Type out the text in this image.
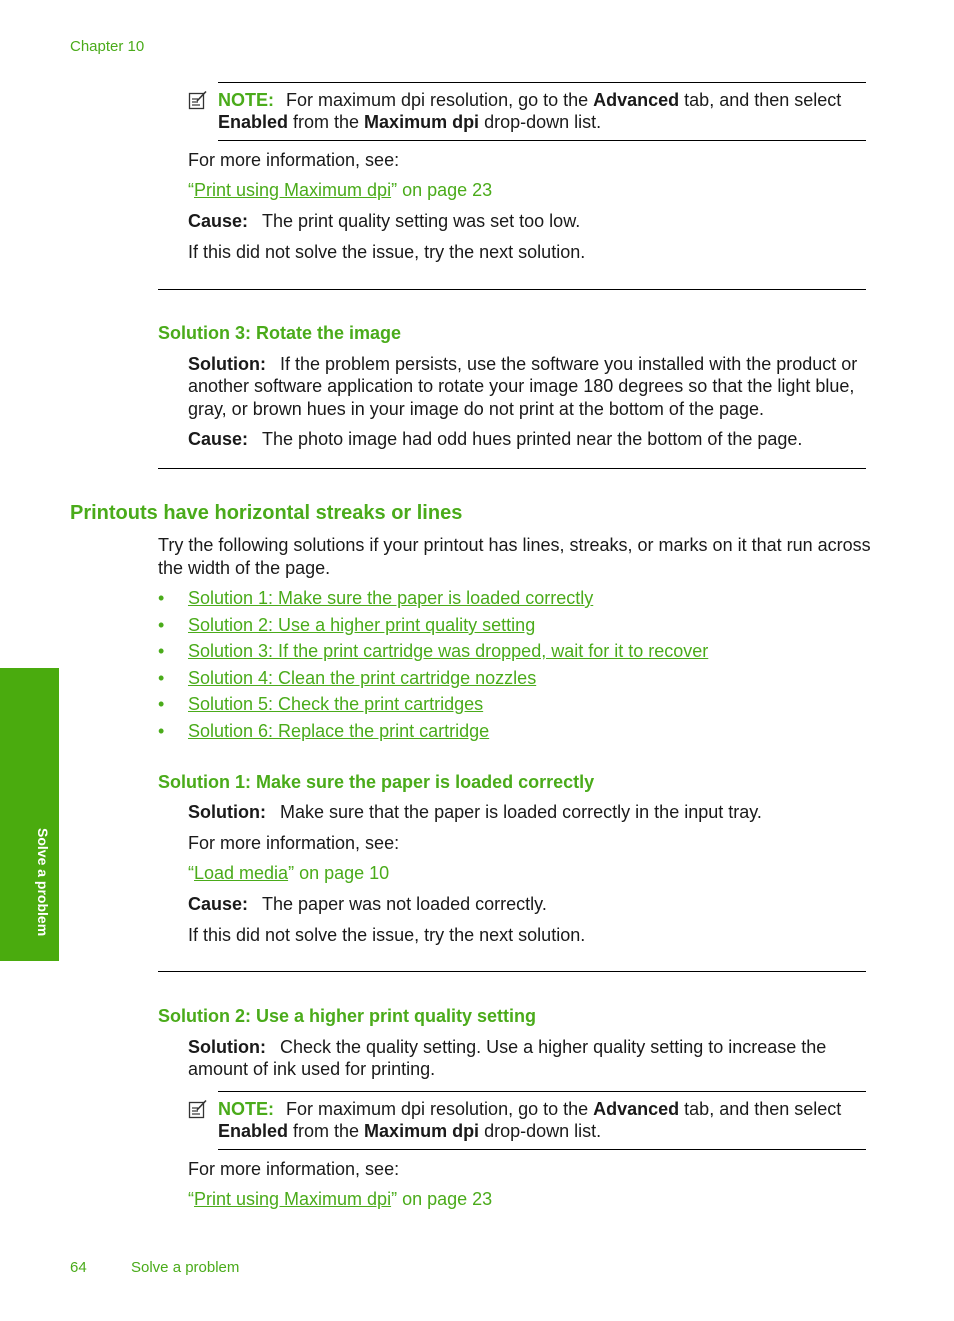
Chapter 10
NOTE: For maximum dpi resolution, go to the Advanced tab, and then select
Enabled from the Maximum dpi drop-down list.
For more information, see:
“Print using Maximum dpi” on page 23
Cause: The print quality setting was set too low.
If this did not solve the issue, try the next solution.
Solution 3: Rotate the image
Solution: If the problem persists, use the software you installed with the product or
another software application to rotate your image 180 degrees so that the light blue,
gray, or brown hues in your image do not print at the bottom of the page.
Cause: The photo image had odd hues printed near the bottom of the page.
Printouts have horizontal streaks or lines
Try the following solutions if your printout has lines, streaks, or marks on it that run across
the width of the page.
• Solution 1: Make sure the paper is loaded correctly
• Solution 2: Use a higher print quality setting
• Solution 3: If the print cartridge was dropped, wait for it to recover
• Solution 4: Clean the print cartridge nozzles
• Solution 5: Check the print cartridges
• Solution 6: Replace the print cartridge
Solution 1: Make sure the paper is loaded correctly
Solution: Make sure that the paper is loaded correctly in the input tray.
For more information, see:
“Load media” on page 10
Cause: The paper was not loaded correctly.
If this did not solve the issue, try the next solution.
Solution 2: Use a higher print quality setting
Solution: Check the quality setting. Use a higher quality setting to increase the
amount of ink used for printing.
NOTE: For maximum dpi resolution, go to the Advanced tab, and then select
Enabled from the Maximum dpi drop-down list.
For more information, see:
“Print using Maximum dpi” on page 23
Solve a problem
64	Solve a problem
